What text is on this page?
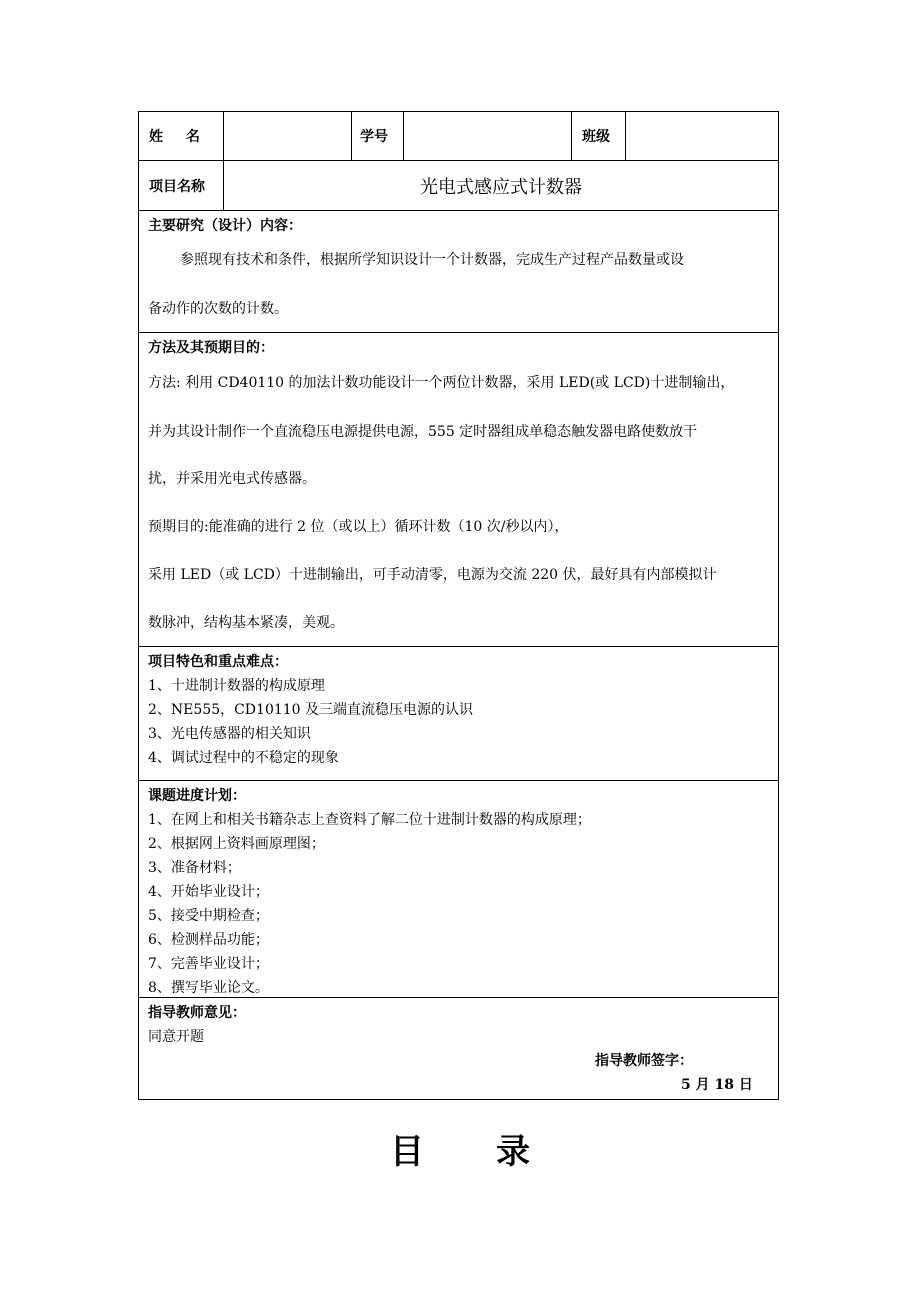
姓 名	学号	班级
项目名称	光电式感应式计数器
主要研究（设计）内容：
参照现有技术和条件，根据所学知识设计一个计数器，完成生产过程产品数量或设
备动作的次数的计数。
方法及其预期目的：
方法: 利用 CD40110 的加法计数功能设计一个两位计数器，采用 LED(或 LCD)十进制输出，
并为其设计制作一个直流稳压电源提供电源，555 定时器组成单稳态触发器电路使数放干
扰，并采用光电式传感器。
预期目的:能准确的进行 2 位（或以上）循环计数（10 次/秒以内），
采用 LED（或 LCD）十进制输出，可手动清零，电源为交流 220 伏，最好具有内部模拟计
数脉冲，结构基本紧凑，美观。
项目特色和重点难点：
1、十进制计数器的构成原理
2、NE555，CD10110 及三端直流稳压电源的认识
3、光电传感器的相关知识
4、调试过程中的不稳定的现象
课题进度计划：
1、在网上和相关书籍杂志上查资料了解二位十进制计数器的构成原理；
2、根据网上资料画原理图；
3、准备材料；
4、开始毕业设计；
5、接受中期检查；
6、检测样品功能；
7、完善毕业设计；
8、撰写毕业论文。
指导教师意见：
同意开题
指导教师签字：
5 月 18 日
目 录
